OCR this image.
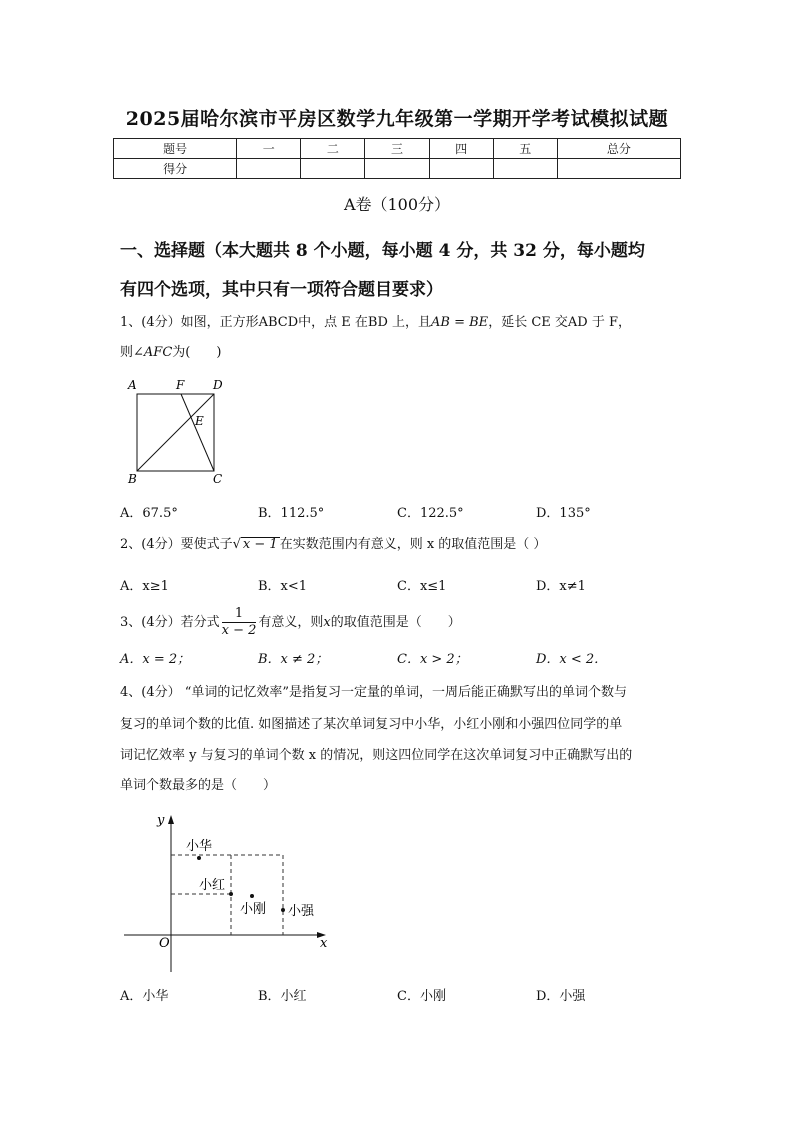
2025届哈尔滨市平房区数学九年级第一学期开学考试模拟试题
题号	一	二	三	四	五	总分
得分						
A卷（100分）
一、选择题（本大题共 8 个小题，每小题 4 分，共 32 分，每小题均
有四个选项，其中只有一项符合题目要求）
1、(4分）如图，正方形ABCD中，点 E 在BD 上，且AB = BE，延长 CE 交AD 于 F，
则∠AFC为(　　)
A	F D
E
B	C
y
x
O
小华
小红
小刚 小强
A．67.5°	B．112.5°	C．122.5°	D．135°
2、(4分）要使式子√ x − 1 在实数范围内有意义，则 x 的取值范围是（ ）
A．x≥1	B．x<1	C．x≤1	D．x≠1
3、(4分）若分式 $\frac{1}{x - 2}$ 有意义，则x的取值范围是（　　）
A．x = 2；	B．x ≠ 2；	C．x > 2；	D．x < 2．
4、(4分） “单词的记忆效率”是指复习一定量的单词，一周后能正确默写出的单词个数与
复习的单词个数的比值. 如图描述了某次单词复习中小华，小红小刚和小强四位同学的单
词记忆效率 y 与复习的单词个数 x 的情况，则这四位同学在这次单词复习中正确默写出的
单词个数最多的是（　　）
A．小华	B．小红	C．小刚	D．小强
